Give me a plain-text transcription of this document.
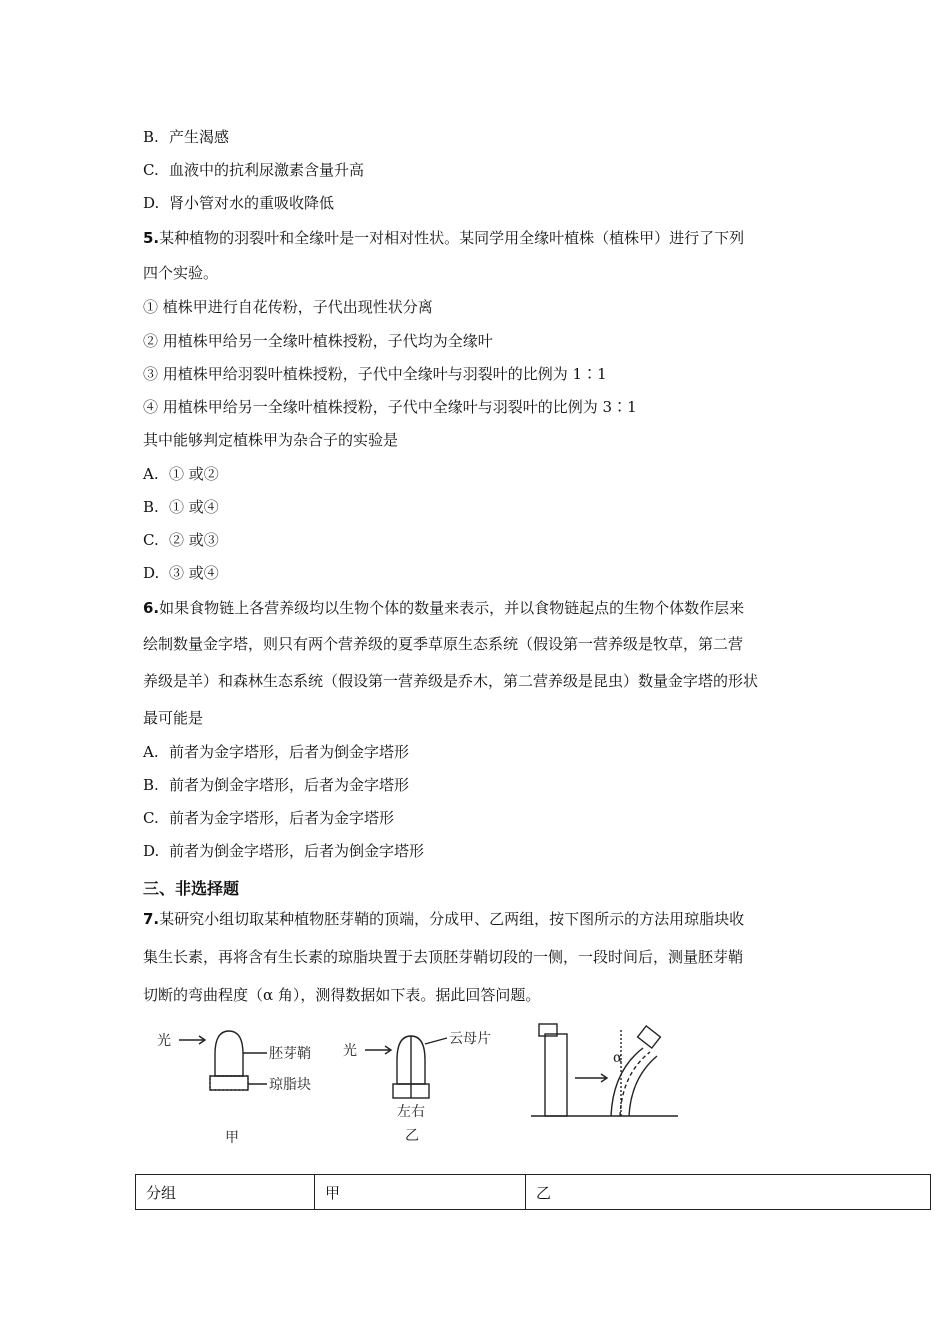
B. 产生渴感
C. 血液中的抗利尿激素含量升高
D. 肾小管对水的重吸收降低
5.某种植物的羽裂叶和全缘叶是一对相对性状。某同学用全缘叶植株（植株甲）进行了下列
四个实验。
① 植株甲进行自花传粉，子代出现性状分离
② 用植株甲给另一全缘叶植株授粉，子代均为全缘叶
③ 用植株甲给羽裂叶植株授粉，子代中全缘叶与羽裂叶的比例为 1∶1
④ 用植株甲给另一全缘叶植株授粉，子代中全缘叶与羽裂叶的比例为 3∶1
其中能够判定植株甲为杂合子的实验是
A. ① 或②
B. ① 或④
C. ② 或③
D. ③ 或④
6.如果食物链上各营养级均以生物个体的数量来表示，并以食物链起点的生物个体数作层来
绘制数量金字塔，则只有两个营养级的夏季草原生态系统（假设第一营养级是牧草，第二营
养级是羊）和森林生态系统（假设第一营养级是乔木，第二营养级是昆虫）数量金字塔的形状
最可能是
A. 前者为金字塔形，后者为倒金字塔形
B. 前者为倒金字塔形，后者为金字塔形
C. 前者为金字塔形，后者为金字塔形
D. 前者为倒金字塔形，后者为倒金字塔形
三、非选择题
7.某研究小组切取某种植物胚芽鞘的顶端，分成甲、乙两组，按下图所示的方法用琼脂块收
集生长素，再将含有生长素的琼脂块置于去顶胚芽鞘切段的一侧，一段时间后，测量胚芽鞘
切断的弯曲程度（α 角），测得数据如下表。据此回答问题。
光
胚芽鞘
琼脂块
甲
光
云母片
左右
乙
α
分组	甲	乙
